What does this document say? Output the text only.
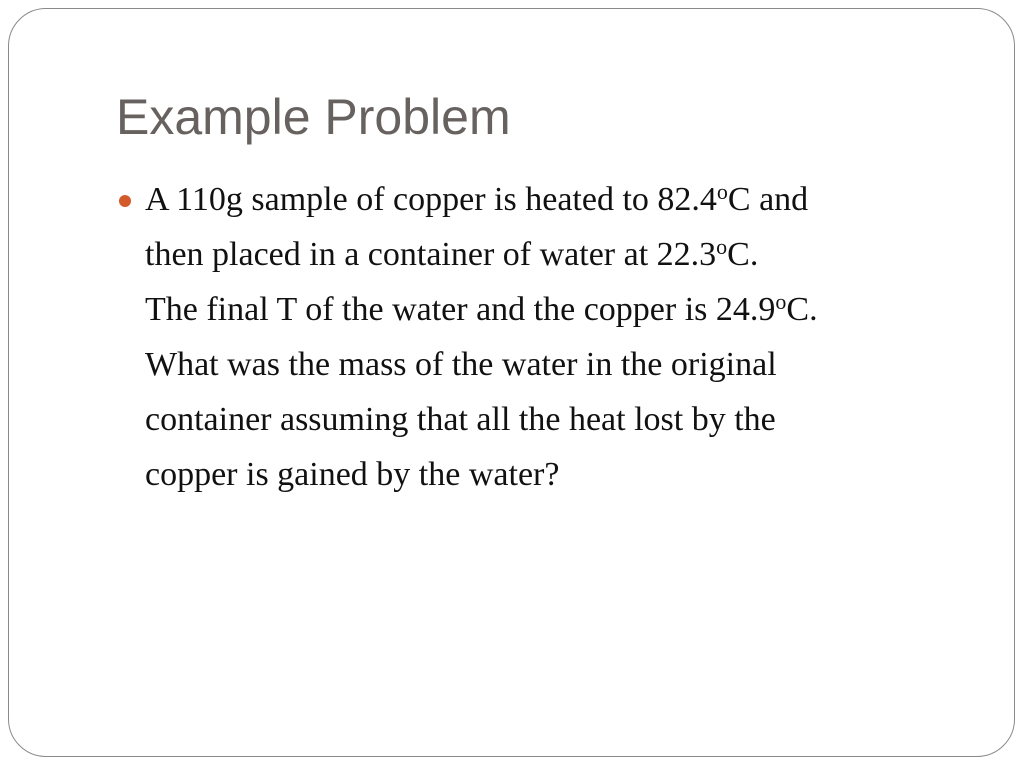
Example Problem
A 110g sample of copper is heated to 82.4$^o$C and
then placed in a container of water at 22.3$^o$C.
The final T of the water and the copper is 24.9$^o$C.
What was the mass of the water in the original
container assuming that all the heat lost by the
copper is gained by the water?
